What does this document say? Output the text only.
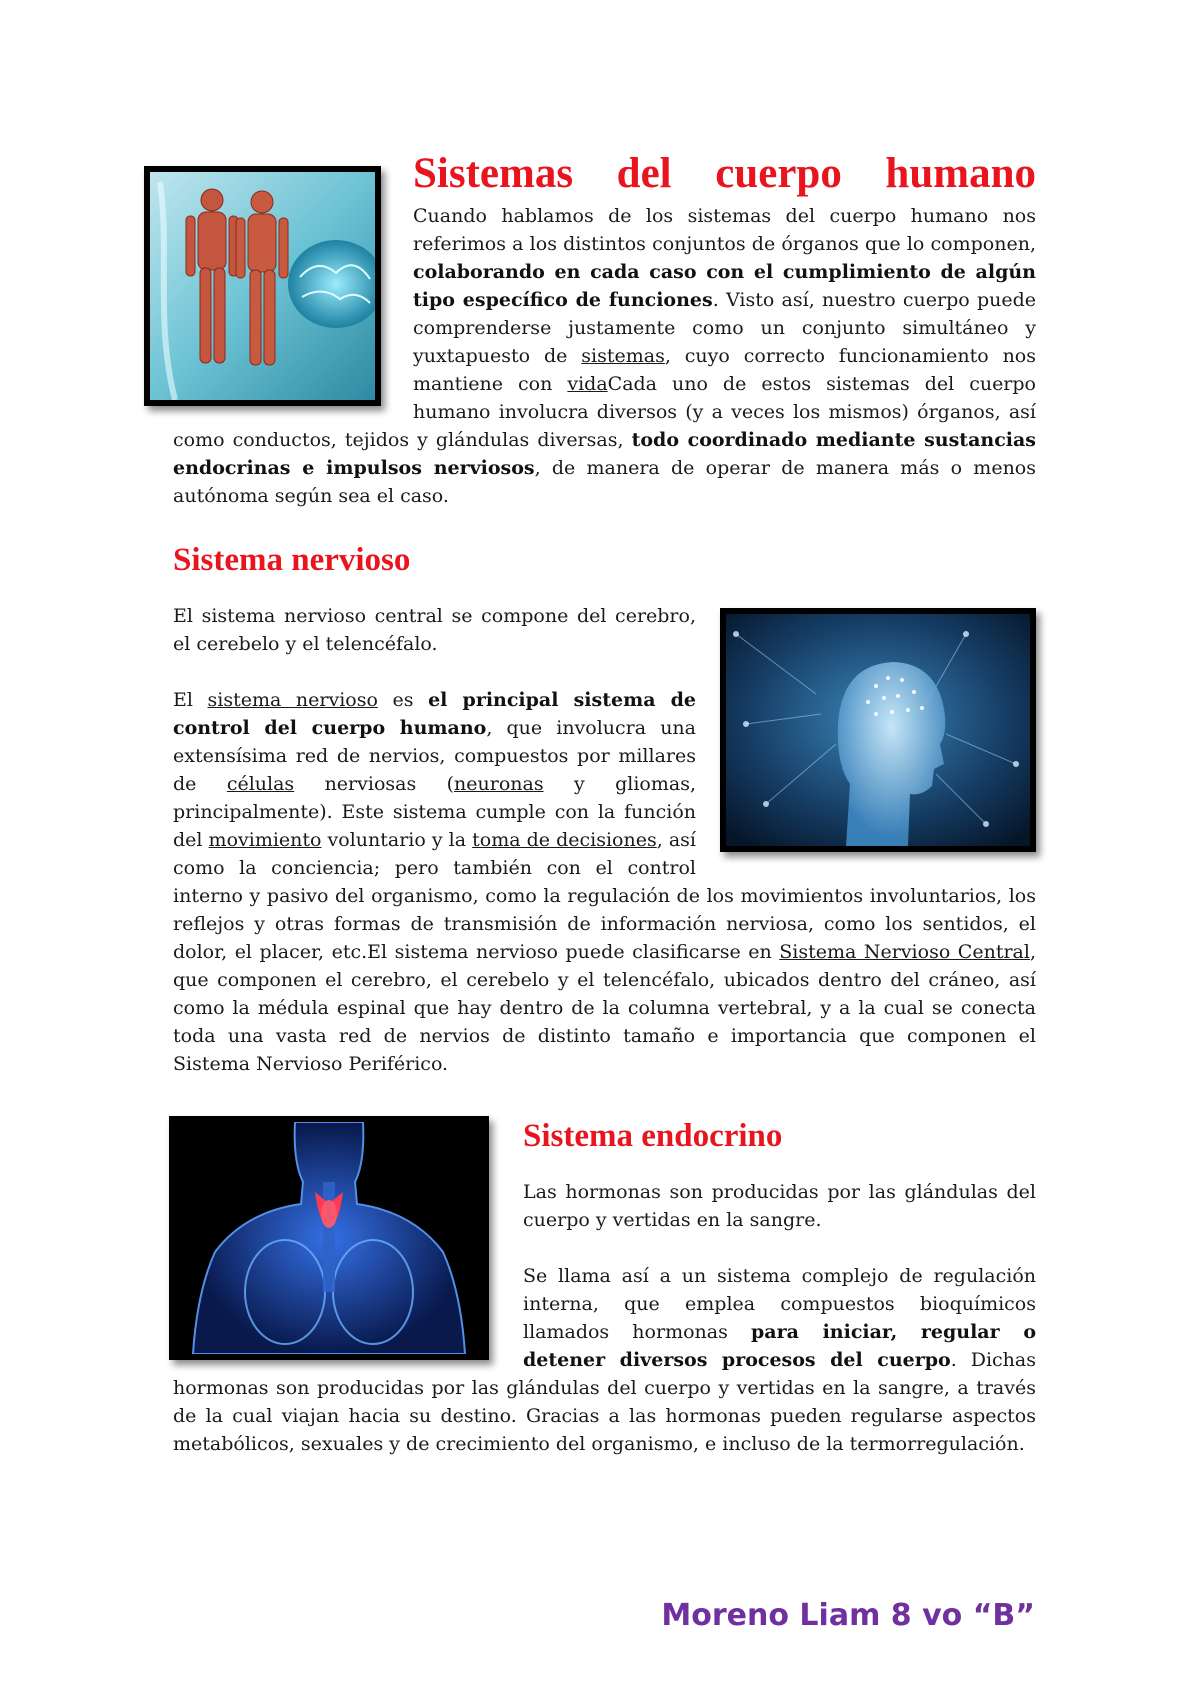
Sistemas del cuerpo humano

Cuando hablamos de los sistemas del cuerpo humano nos referimos a los distintos conjuntos de órganos que lo componen, colaborando en cada caso con el cumplimiento de algún tipo específico de funciones. Visto así, nuestro cuerpo puede comprenderse justamente como un conjunto simultáneo y yuxtapuesto de sistemas, cuyo correcto funcionamiento nos mantiene con vidaCada uno de estos sistemas del cuerpo humano involucra diversos (y a veces los mismos) órganos, así como conductos, tejidos y glándulas diversas, todo coordinado mediante sustancias endocrinas e impulsos nerviosos, de manera de operar de manera más o menos autónoma según sea el caso.

Sistema nervioso

El sistema nervioso central se compone del cerebro, el cerebelo y el telencéfalo.

El sistema nervioso es el principal sistema de control del cuerpo humano, que involucra una extensísima red de nervios, compuestos por millares de células nerviosas (neuronas y gliomas, principalmente). Este sistema cumple con la función del movimiento voluntario y la toma de decisiones, así como la conciencia; pero también con el control interno y pasivo del organismo, como la regulación de los movimientos involuntarios, los reflejos y otras formas de transmisión de información nerviosa, como los sentidos, el dolor, el placer, etc.El sistema nervioso puede clasificarse en Sistema Nervioso Central, que componen el cerebro, el cerebelo y el telencéfalo, ubicados dentro del cráneo, así como la médula espinal que hay dentro de la columna vertebral, y a la cual se conecta toda una vasta red de nervios de distinto tamaño e importancia que componen el Sistema Nervioso Periférico.

Sistema endocrino

Las hormonas son producidas por las glándulas del cuerpo y vertidas en la sangre.

Se llama así a un sistema complejo de regulación interna, que emplea compuestos bioquímicos llamados hormonas para iniciar, regular o detener diversos procesos del cuerpo. Dichas hormonas son producidas por las glándulas del cuerpo y vertidas en la sangre, a través de la cual viajan hacia su destino. Gracias a las hormonas pueden regularse aspectos metabólicos, sexuales y de crecimiento del organismo, e incluso de la termorregulación.

Moreno Liam 8 vo “B”
